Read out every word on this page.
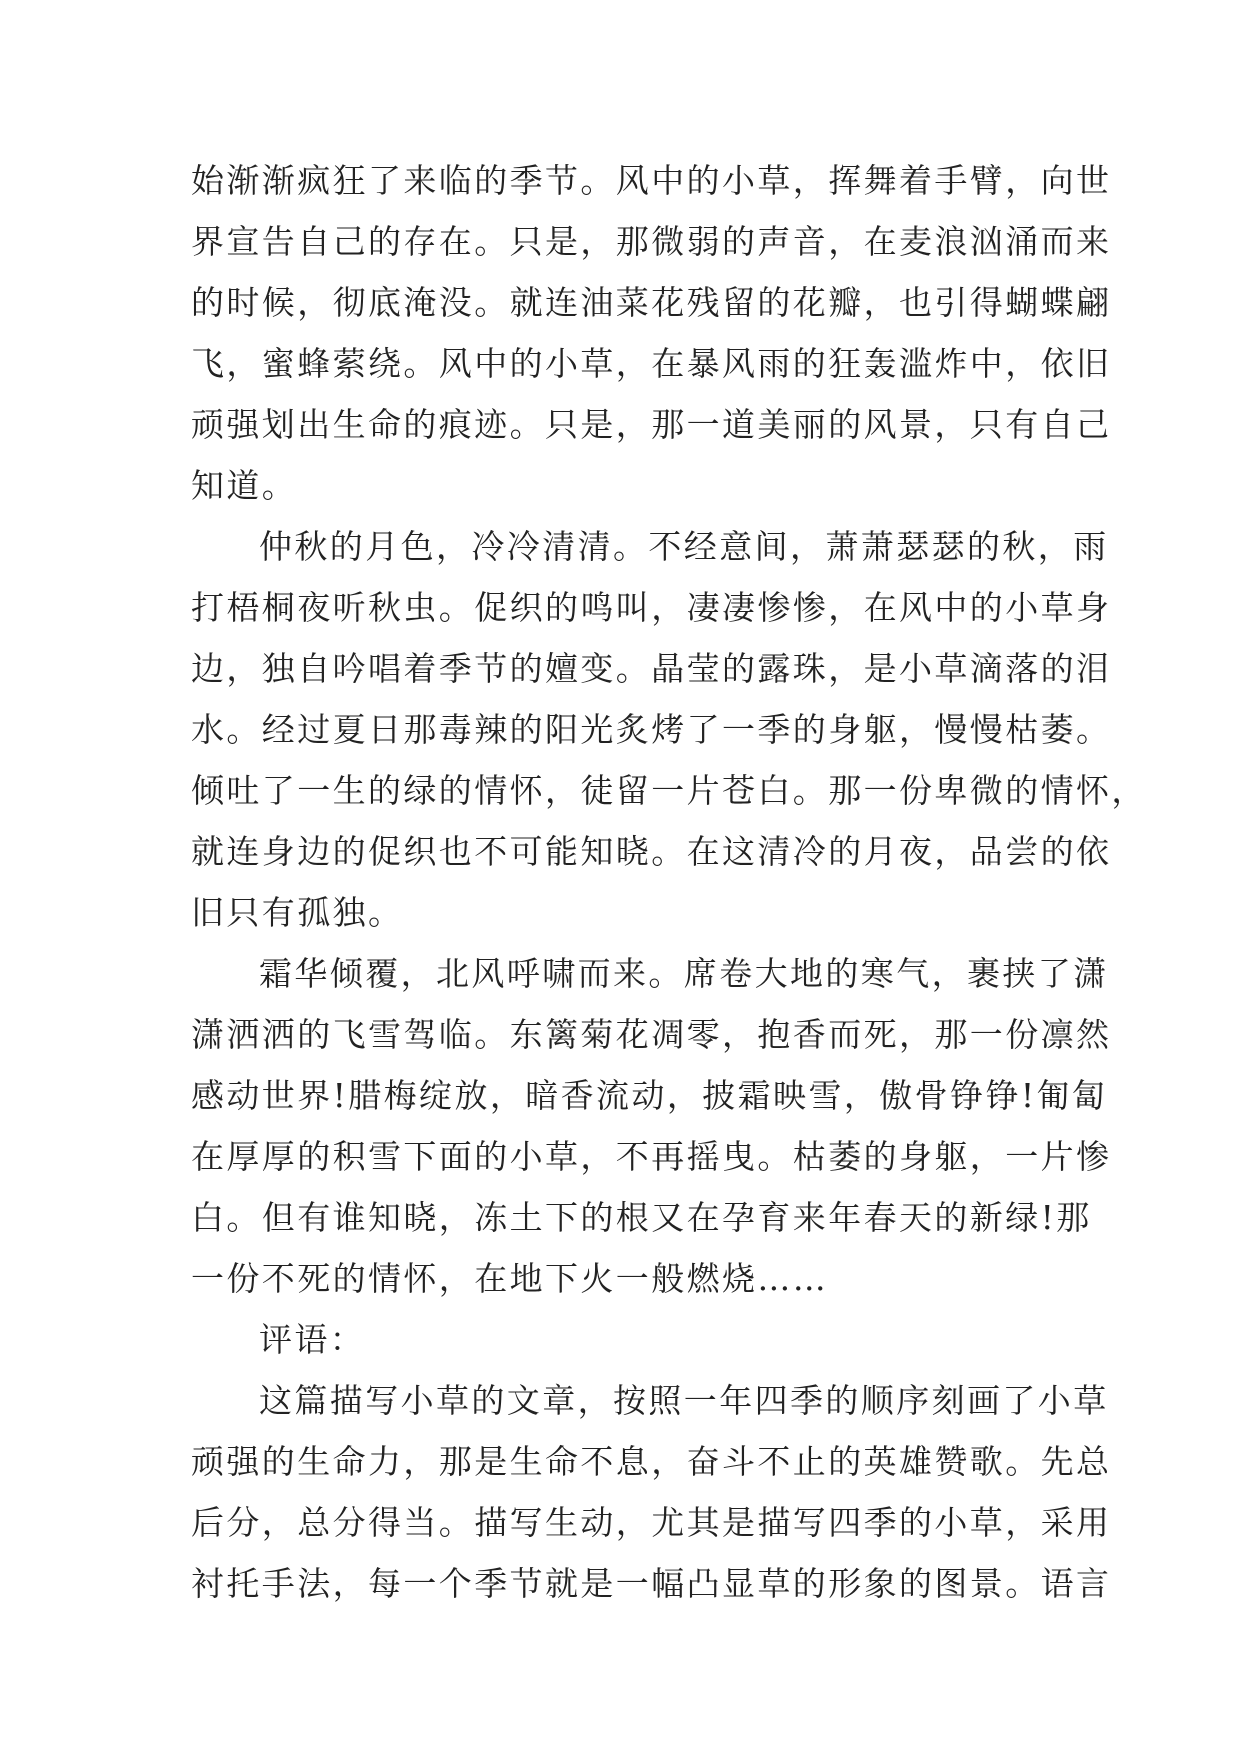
始渐渐疯狂了来临的季节。风中的小草，挥舞着手臂，向世
界宣告自己的存在。只是，那微弱的声音，在麦浪汹涌而来
的时候，彻底淹没。就连油菜花残留的花瓣，也引得蝴蝶翩
飞，蜜蜂萦绕。风中的小草，在暴风雨的狂轰滥炸中，依旧
顽强划出生命的痕迹。只是，那一道美丽的风景，只有自己
知道。
仲秋的月色，冷冷清清。不经意间，萧萧瑟瑟的秋，雨
打梧桐夜听秋虫。促织的鸣叫，凄凄惨惨，在风中的小草身
边，独自吟唱着季节的嬗变。晶莹的露珠，是小草滴落的泪
水。经过夏日那毒辣的阳光炙烤了一季的身躯，慢慢枯萎。
倾吐了一生的绿的情怀，徒留一片苍白。那一份卑微的情怀，
就连身边的促织也不可能知晓。在这清冷的月夜，品尝的依
旧只有孤独。
霜华倾覆，北风呼啸而来。席卷大地的寒气，裹挟了潇
潇洒洒的飞雪驾临。东篱菊花凋零，抱香而死，那一份凛然
感动世界!腊梅绽放，暗香流动，披霜映雪，傲骨铮铮!匍匐
在厚厚的积雪下面的小草，不再摇曳。枯萎的身躯，一片惨
白。但有谁知晓，冻土下的根又在孕育来年春天的新绿!那
一份不死的情怀，在地下火一般燃烧……
评语：
这篇描写小草的文章，按照一年四季的顺序刻画了小草
顽强的生命力，那是生命不息，奋斗不止的英雄赞歌。先总
后分，总分得当。描写生动，尤其是描写四季的小草，采用
衬托手法，每一个季节就是一幅凸显草的形象的图景。语言
